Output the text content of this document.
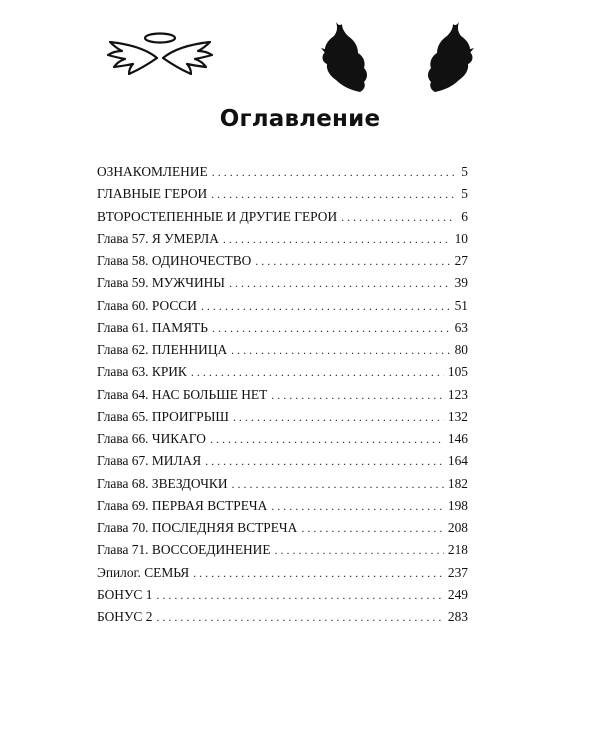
Оглавление
ОЗНАКОМЛЕНИЕ . . .	5
ГЛАВНЫЕ ГЕРОИ . . .	5
ВТОРОСТЕПЕННЫЕ И ДРУГИЕ ГЕРОИ . . .	6
Глава 57. Я УМЕРЛА . . .	10
Глава 58. ОДИНОЧЕСТВО . . .	27
Глава 59. МУЖЧИНЫ . . .	39
Глава 60. РОССИ . . .	51
Глава 61. ПАМЯТЬ . . .	63
Глава 62. ПЛЕННИЦА . . .	80
Глава 63. КРИК . . .	105
Глава 64. НАС БОЛЬШЕ НЕТ . . .	123
Глава 65. ПРОИГРЫШ . . .	132
Глава 66. ЧИКАГО . . .	146
Глава 67. МИЛАЯ . . .	164
Глава 68. ЗВЕЗДОЧКИ . . .	182
Глава 69. ПЕРВАЯ ВСТРЕЧА . . .	198
Глава 70. ПОСЛЕДНЯЯ ВСТРЕЧА . . .	208
Глава 71. ВОССОЕДИНЕНИЕ . . .	218
Эпилог. СЕМЬЯ . . .	237
БОНУС 1 . . .	249
БОНУС 2 . . .	283
